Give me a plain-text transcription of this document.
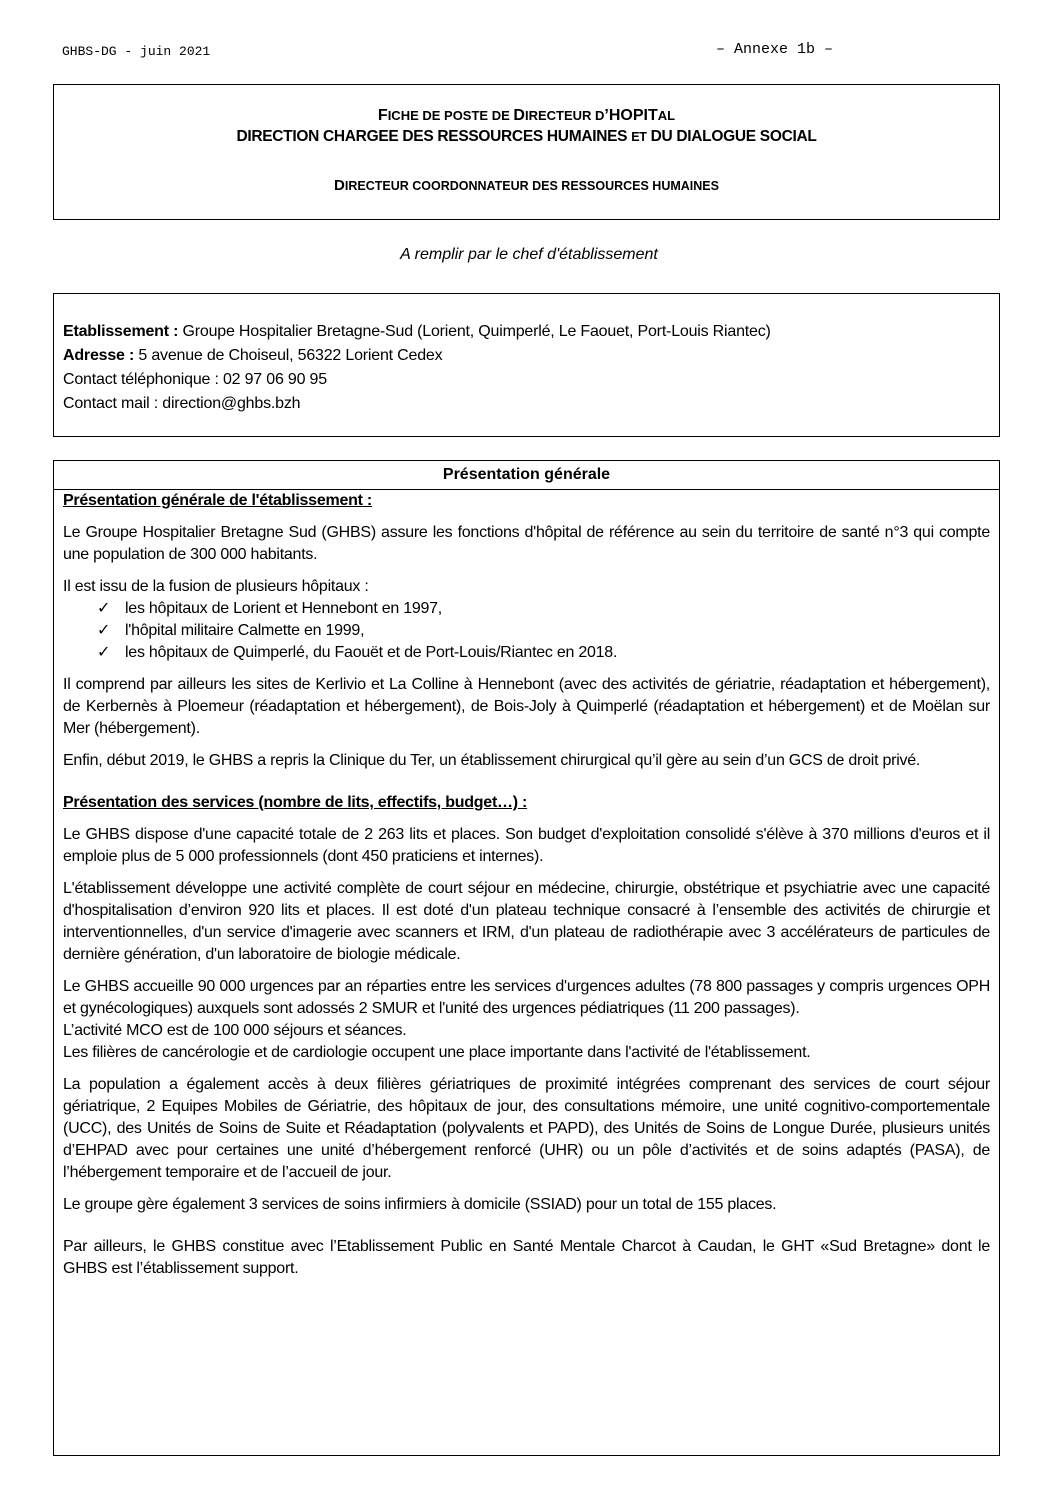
GHBS-DG - juin 2021	– Annexe 1b –
FICHE DE POSTE DE DIRECTEUR D’HOPITAL
DIRECTION CHARGEE DES RESSOURCES HUMAINES ET DU DIALOGUE SOCIAL
DIRECTEUR COORDONNATEUR DES RESSOURCES HUMAINES
A remplir par le chef d'établissement
Etablissement : Groupe Hospitalier Bretagne-Sud (Lorient, Quimperlé, Le Faouet, Port-Louis Riantec)
Adresse : 5 avenue de Choiseul, 56322 Lorient Cedex
Contact téléphonique : 02 97 06 90 95
Contact mail : direction@ghbs.bzh
Présentation générale
Présentation générale de l'établissement :

Le Groupe Hospitalier Bretagne Sud (GHBS) assure les fonctions d'hôpital de référence au sein du territoire de santé n°3 qui compte une population de 300 000 habitants.

Il est issu de la fusion de plusieurs hôpitaux :

✓ les hôpitaux de Lorient et Hennebont en 1997,
✓ l'hôpital militaire Calmette en 1999,
✓ les hôpitaux de Quimperlé, du Faouët et de Port-Louis/Riantec en 2018.

Il comprend par ailleurs les sites de Kerlivio et La Colline à Hennebont (avec des activités de gériatrie, réadaptation et hébergement), de Kerbernès à Ploemeur (réadaptation et hébergement), de Bois-Joly à Quimperlé (réadaptation et hébergement) et de Moëlan sur Mer (hébergement).

Enfin, début 2019, le GHBS a repris la Clinique du Ter, un établissement chirurgical qu’il gère au sein d’un GCS de droit privé.

Présentation des services (nombre de lits, effectifs, budget…) :

Le GHBS dispose d'une capacité totale de 2 263 lits et places. Son budget d'exploitation consolidé s'élève à 370 millions d'euros et il emploie plus de 5 000 professionnels (dont 450 praticiens et internes).

L'établissement développe une activité complète de court séjour en médecine, chirurgie, obstétrique et psychiatrie avec une capacité d'hospitalisation d’environ 920 lits et places. Il est doté d'un plateau technique consacré à l’ensemble des activités de chirurgie et interventionnelles, d'un service d'imagerie avec scanners et IRM, d'un plateau de radiothérapie avec 3 accélérateurs de particules de dernière génération, d'un laboratoire de biologie médicale.

Le GHBS accueille 90 000 urgences par an réparties entre les services d'urgences adultes (78 800 passages y compris urgences OPH et gynécologiques) auxquels sont adossés 2 SMUR et l'unité des urgences pédiatriques (11 200 passages).

L’activité MCO est de 100 000 séjours et séances.

Les filières de cancérologie et de cardiologie occupent une place importante dans l'activité de l'établissement.

La population a également accès à deux filières gériatriques de proximité intégrées comprenant des services de court séjour gériatrique, 2 Equipes Mobiles de Gériatrie, des hôpitaux de jour, des consultations mémoire, une unité cognitivo-comportementale (UCC), des Unités de Soins de Suite et Réadaptation (polyvalents et PAPD), des Unités de Soins de Longue Durée, plusieurs unités d’EHPAD avec pour certaines une unité d’hébergement renforcé (UHR) ou un pôle d’activités et de soins adaptés (PASA), de l’hébergement temporaire et de l’accueil de jour.

Le groupe gère également 3 services de soins infirmiers à domicile (SSIAD) pour un total de 155 places.

Par ailleurs, le GHBS constitue avec l’Etablissement Public en Santé Mentale Charcot à Caudan, le GHT «Sud Bretagne» dont le GHBS est l’établissement support.
